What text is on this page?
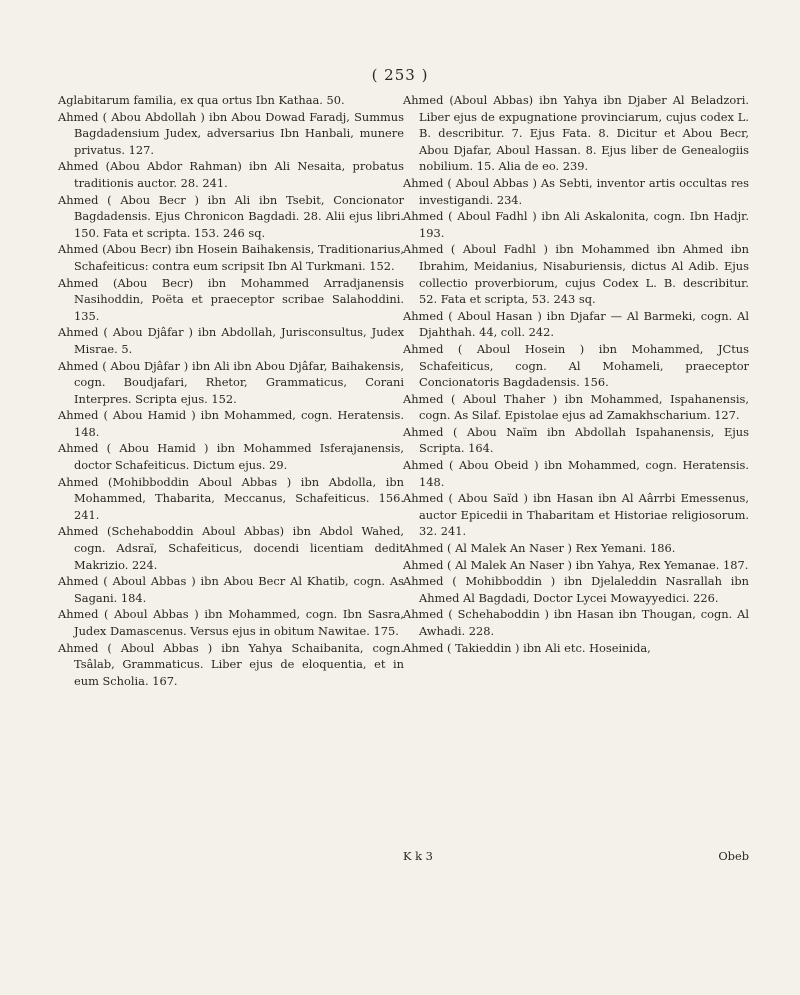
( 253 )

Aglabitarum familia, ex qua ortus Ibn Kathaa. 50.

Ahmed ( Abou Abdollah ) ibn Abou Dowad Faradj, Summus Bagdadensium Judex, adversarius Ibn Hanbali, munere privatus. 127.

Ahmed (Abou Abdor Rahman) ibn Ali Nesaita, probatus traditionis auctor. 28. 241.

Ahmed ( Abou Becr ) ibn Ali ibn Tsebit, Concionator Bagdadensis. Ejus Chronicon Bagdadi. 28. Alii ejus libri. 150. Fata et scripta. 153. 246 sq.

Ahmed (Abou Becr) ibn Hosein Baihakensis, Traditionarius, Schafeiticus: contra eum scripsit Ibn Al Turkmani. 152.

Ahmed (Abou Becr) ibn Mohammed Arradjanensis Nasihoddin, Poëta et praeceptor scribae Salahoddini. 135.

Ahmed ( Abou Djâfar ) ibn Abdollah, Jurisconsultus, Judex Misrae. 5.

Ahmed ( Abou Djâfar ) ibn Ali ibn Abou Djâfar, Baihakensis, cogn. Boudjafari, Rhetor, Grammaticus, Corani Interpres. Scripta ejus. 152.

Ahmed ( Abou Hamid ) ibn Mohammed, cogn. Heratensis. 148.

Ahmed ( Abou Hamid ) ibn Mohammed Isferajanensis, doctor Schafeiticus. Dictum ejus. 29.

Ahmed (Mohibboddin Aboul Abbas ) ibn Abdolla, ibn Mohammed, Thabarita, Meccanus, Schafeiticus. 156. 241.

Ahmed (Schehaboddin Aboul Abbas) ibn Abdol Wahed, cogn. Adsraï, Schafeiticus, docendi licentiam dedit Makrizio. 224.

Ahmed ( Aboul Abbas ) ibn Abou Becr Al Khatib, cogn. As Sagani. 184.

Ahmed ( Aboul Abbas ) ibn Mohammed, cogn. Ibn Sasra, Judex Damascenus. Versus ejus in obitum Nawitae. 175.

Ahmed ( Aboul Abbas ) ibn Yahya Schaibanita, cogn. Tsâlab, Grammaticus. Liber ejus de eloquentia, et in eum Scholia. 167.

Ahmed (Aboul Abbas) ibn Yahya ibn Djaber Al Beladzori. Liber ejus de expugnatione provinciarum, cujus codex L. B. describitur. 7. Ejus Fata. 8. Dicitur et Abou Becr, Abou Djafar, Aboul Hassan. 8. Ejus liber de Genealogiis nobilium. 15. Alia de eo. 239.

Ahmed ( Aboul Abbas ) As Sebti, inventor artis occultas res investigandi. 234.

Ahmed ( Aboul Fadhl ) ibn Ali Askalonita, cogn. Ibn Hadjr. 193.

Ahmed ( Aboul Fadhl ) ibn Mohammed ibn Ahmed ibn Ibrahim, Meidanius, Nisaburiensis, dictus Al Adib. Ejus collectio proverbiorum, cujus Codex L. B. describitur. 52. Fata et scripta, 53. 243 sq.

Ahmed ( Aboul Hasan ) ibn Djafar — Al Barmeki, cogn. Al Djahthah. 44, coll. 242.

Ahmed ( Aboul Hosein ) ibn Mohammed, JCtus Schafeiticus, cogn. Al Mohameli, praeceptor Concionatoris Bagdadensis. 156.

Ahmed ( Aboul Thaher ) ibn Mohammed, Ispahanensis, cogn. As Silaf. Epistolae ejus ad Zamakhscharium. 127.

Ahmed ( Abou Naïm ibn Abdollah Ispahanensis, Ejus Scripta. 164.

Ahmed ( Abou Obeid ) ibn Mohammed, cogn. Heratensis. 148.

Ahmed ( Abou Saïd ) ibn Hasan ibn Al Aârrbi Emessenus, auctor Epicedii in Thabaritam et Historiae religiosorum. 32. 241.

Ahmed ( Al Malek An Naser ) Rex Yemani. 186.

Ahmed ( Al Malek An Naser ) ibn Yahya, Rex Yemanae. 187.

Ahmed ( Mohibboddin ) ibn Djelaleddin Nasrallah ibn Ahmed Al Bagdadi, Doctor Lycei Mowayyedici. 226.

Ahmed ( Schehaboddin ) ibn Hasan ibn Thougan, cogn. Al Awhadi. 228.

Ahmed ( Takieddin ) ibn Ali etc. Hoseinida,

K k 3	Obeb
